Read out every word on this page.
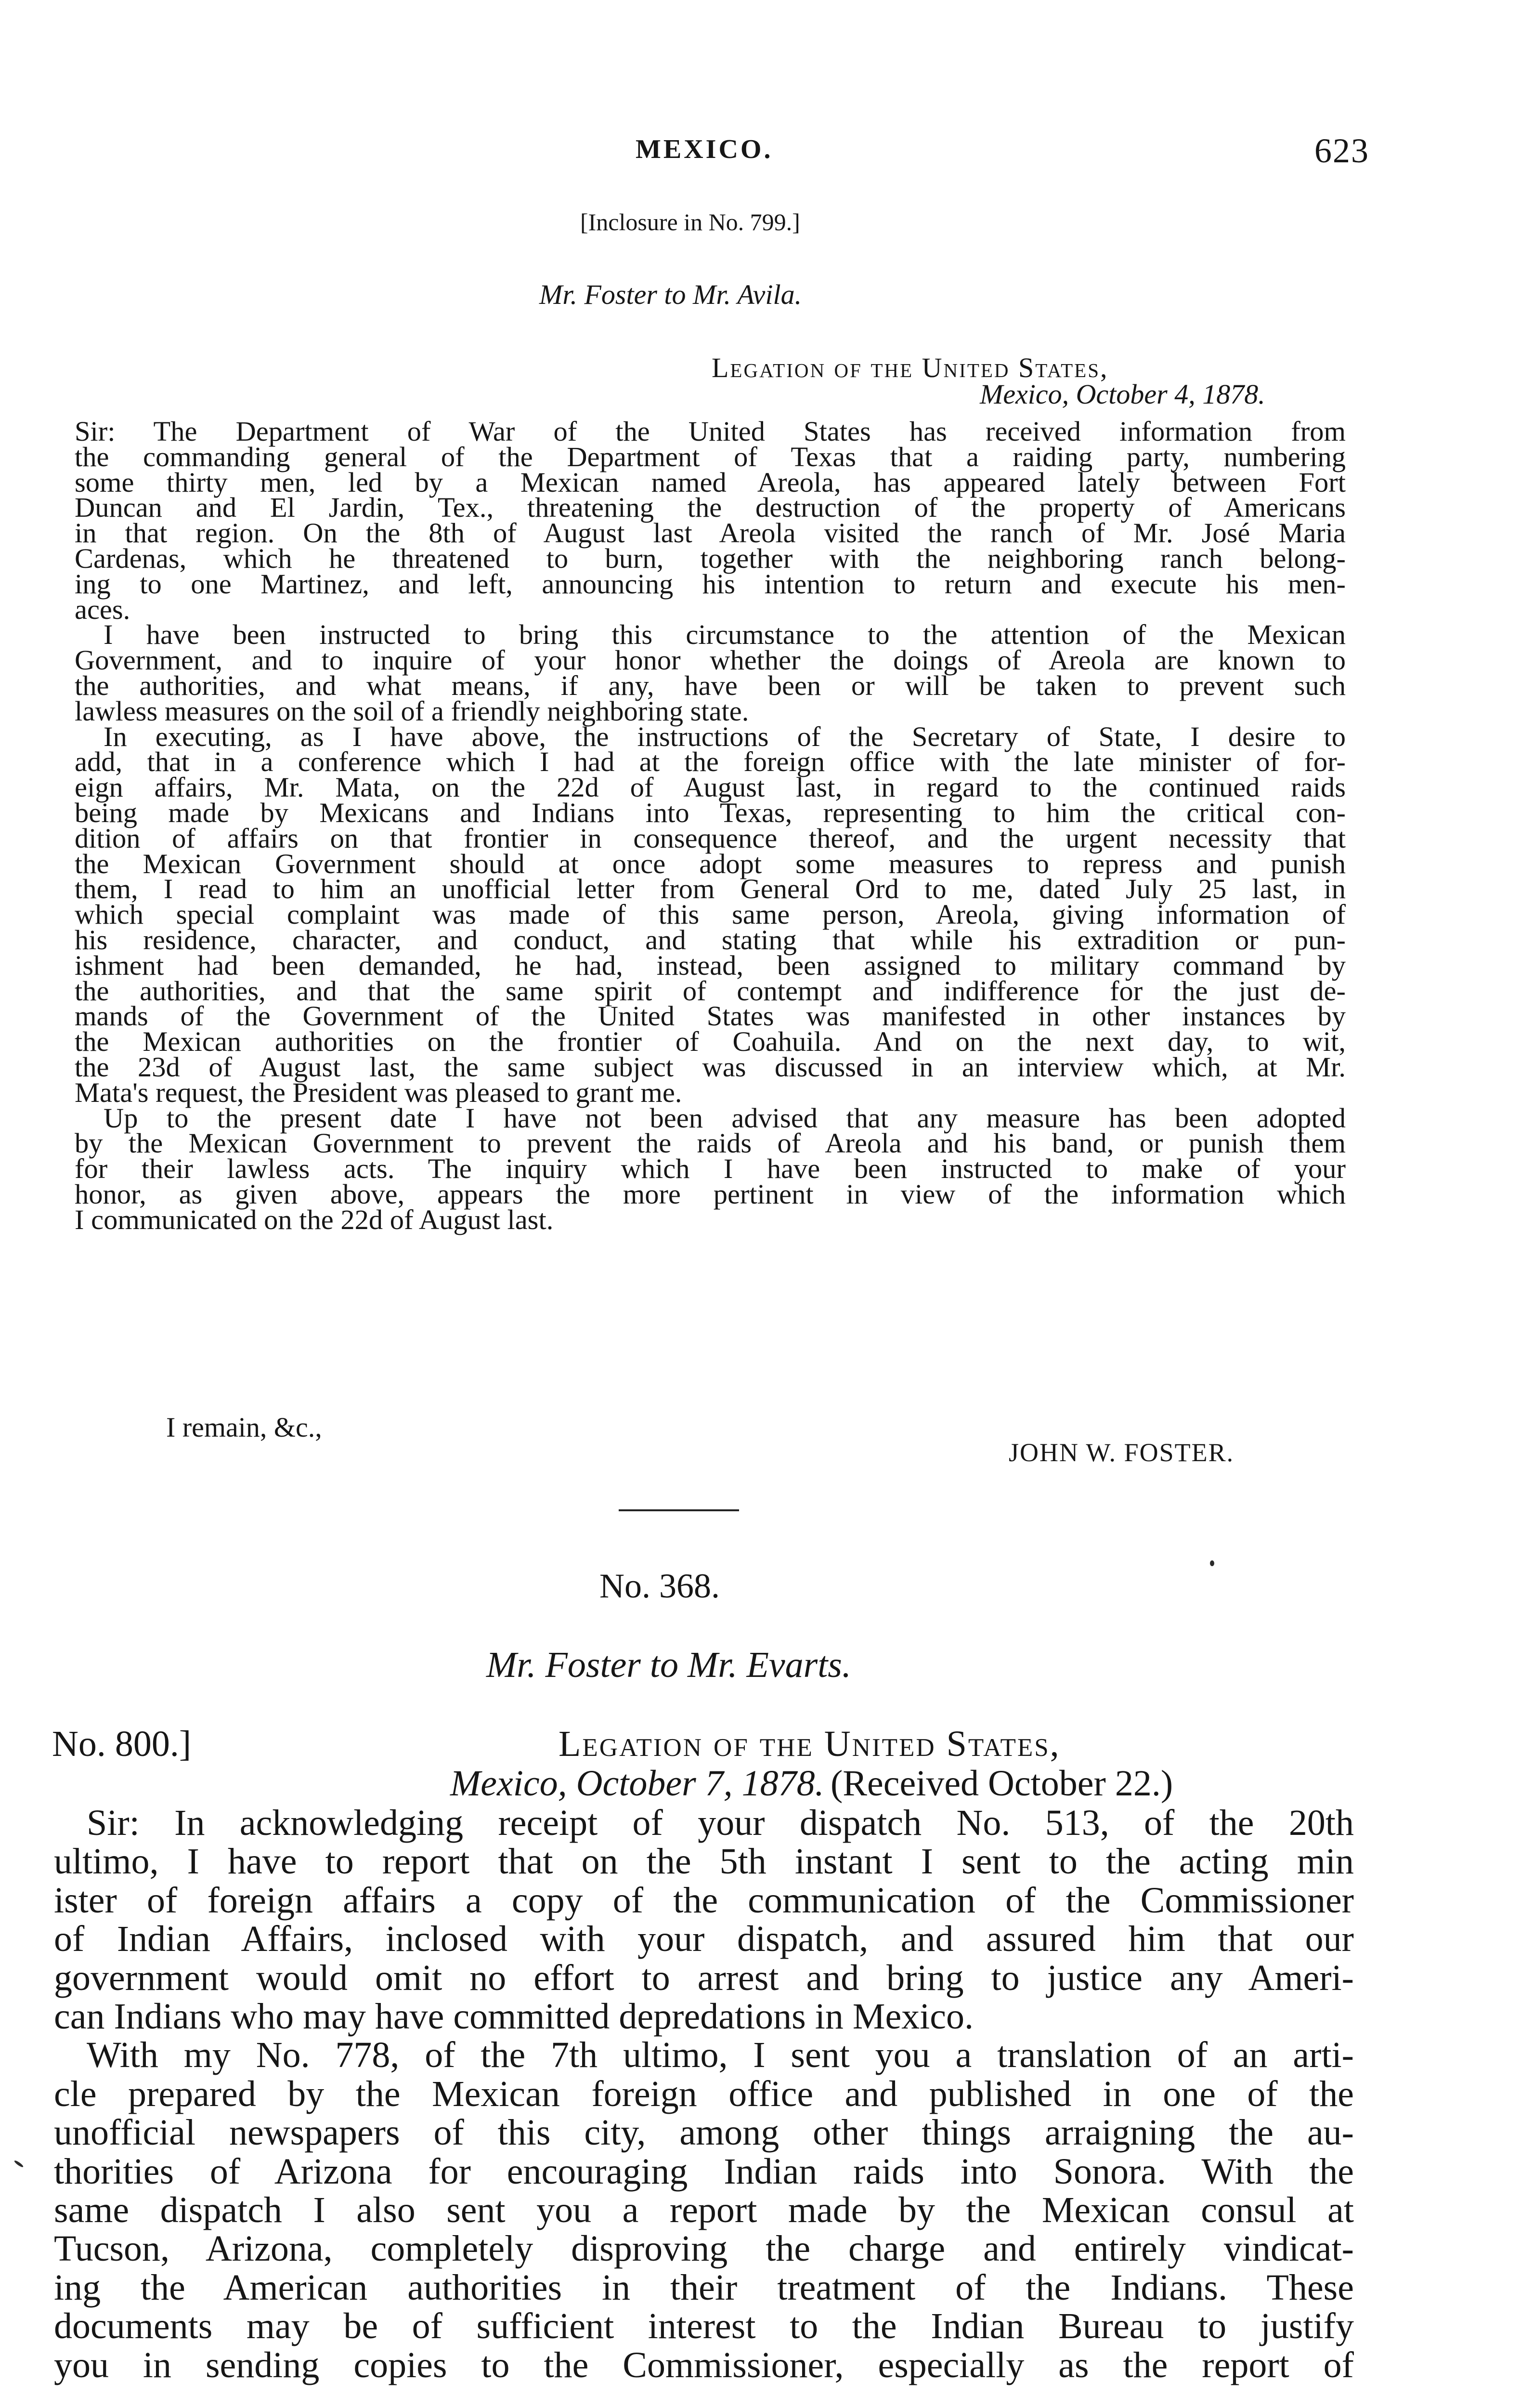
MEXICO.	623
[Inclosure in No. 799.]
Mr. Foster to Mr. Avila.
Legation of the United States,
Mexico, October 4, 1878.

Sir: The Department of War of the United States has received information from

the commanding general of the Department of Texas that a raiding party, numbering

some thirty men, led by a Mexican named Areola, has appeared lately between Fort

Duncan and El Jardin, Tex., threatening the destruction of the property of Americans

in that region. On the 8th of August last Areola visited the ranch of Mr. José Maria

Cardenas, which he threatened to burn, together with the neighboring ranch belong-

ing to one Martinez, and left, announcing his intention to return and execute his men-

aces.

I have been instructed to bring this circumstance to the attention of the Mexican

Government, and to inquire of your honor whether the doings of Areola are known to

the authorities, and what means, if any, have been or will be taken to prevent such

lawless measures on the soil of a friendly neighboring state.

In executing, as I have above, the instructions of the Secretary of State, I desire to

add, that in a conference which I had at the foreign office with the late minister of for-

eign affairs, Mr. Mata, on the 22d of August last, in regard to the continued raids

being made by Mexicans and Indians into Texas, representing to him the critical con-

dition of affairs on that frontier in consequence thereof, and the urgent necessity that

the Mexican Government should at once adopt some measures to repress and punish

them, I read to him an unofficial letter from General Ord to me, dated July 25 last, in

which special complaint was made of this same person, Areola, giving information of

his residence, character, and conduct, and stating that while his extradition or pun-

ishment had been demanded, he had, instead, been assigned to military command by

the authorities, and that the same spirit of contempt and indifference for the just de-

mands of the Government of the United States was manifested in other instances by

the Mexican authorities on the frontier of Coahuila. And on the next day, to wit,

the 23d of August last, the same subject was discussed in an interview which, at Mr.

Mata's request, the President was pleased to grant me.

Up to the present date I have not been advised that any measure has been adopted

by the Mexican Government to prevent the raids of Areola and his band, or punish them

for their lawless acts. The inquiry which I have been instructed to make of your

honor, as given above, appears the more pertinent in view of the information which

I communicated on the 22d of August last.

I remain, &c.,
JOHN W. FOSTER.
No. 368.
Mr. Foster to Mr. Evarts.
No. 800.]	Legation of the United States,
Mexico, October 7, 1878. (Received October 22.)

Sir: In acknowledging receipt of your dispatch No. 513, of the 20th

ultimo, I have to report that on the 5th instant I sent to the acting min

ister of foreign affairs a copy of the communication of the Commissioner

of Indian Affairs, inclosed with your dispatch, and assured him that our

government would omit no effort to arrest and bring to justice any Ameri-

can Indians who may have committed depredations in Mexico.

With my No. 778, of the 7th ultimo, I sent you a translation of an arti-

cle prepared by the Mexican foreign office and published in one of the

unofficial newspapers of this city, among other things arraigning the au-

thorities of Arizona for encouraging Indian raids into Sonora. With the

same dispatch I also sent you a report made by the Mexican consul at

Tucson, Arizona, completely disproving the charge and entirely vindicat-

ing the American authorities in their treatment of the Indians. These

documents may be of sufficient interest to the Indian Bureau to justify

you in sending copies to the Commissioner, especially as the report of
